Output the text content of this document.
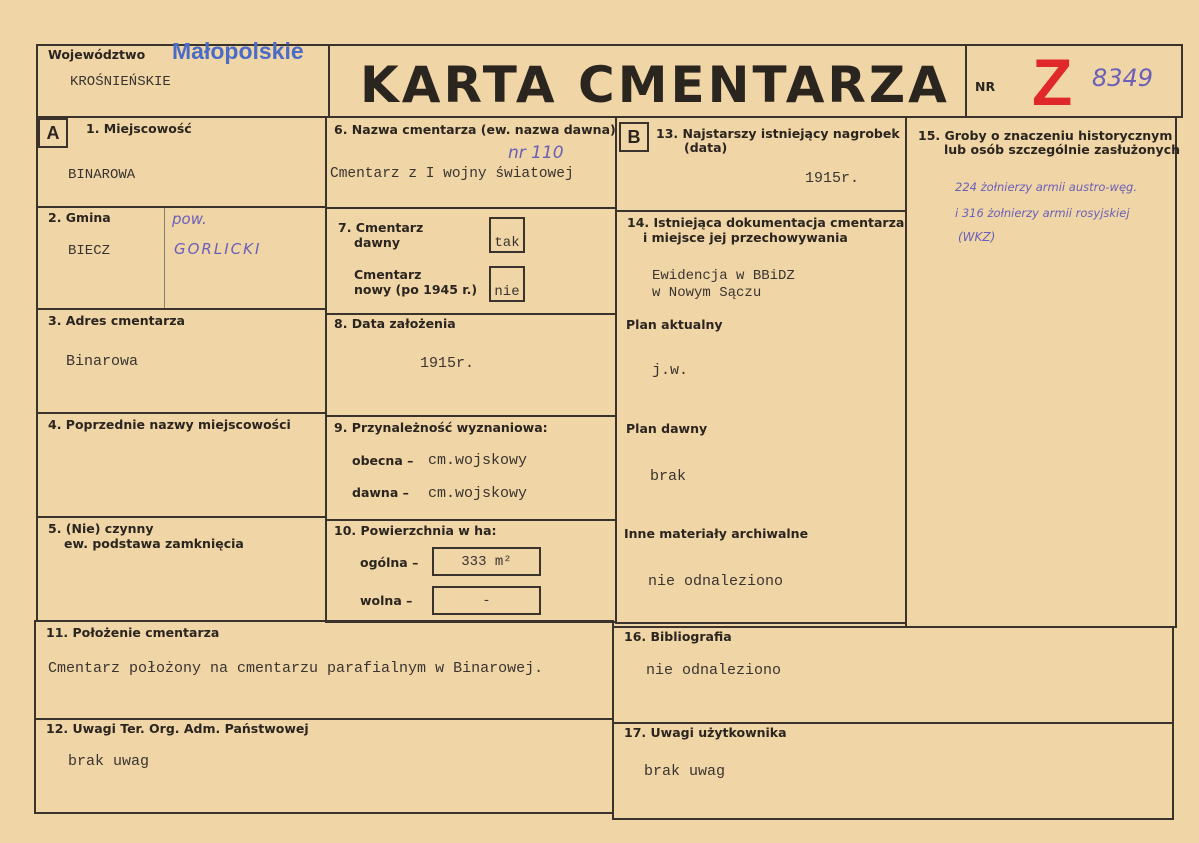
Województwo Małopolskie
KROŚNIEŃSKIE	KARTA CMENTARZA NR Z 8349
A	1. Miejscowość
BINAROWA
2. Gmina
BIECZ
pow.
GORLICKI
3. Adres cmentarza
Binarowa
4. Poprzednie nazwy miejscowości
5. (Nie) czynny
ew. podstawa zamknięcia
6. Nazwa cmentarza (ew. nazwa dawna)
nr 110
Cmentarz z I wojny światowej
7. Cmentarz
dawny	tak
Cmentarz
nowy (po 1945 r.)	nie
8. Data założenia
1915r.
9. Przynależność wyznaniowa:
obecna – cm.wojskowy
dawna – cm.wojskowy
10. Powierzchnia w ha:
ogólna –	333 m²
wolna –	-
B	13. Najstarszy istniejący nagrobek
(data)
1915r.
14. Istniejąca dokumentacja cmentarza
i miejsce jej przechowywania
Ewidencja w BBiDZ
w Nowym Sączu
Plan aktualny
j.w.
Plan dawny
brak
Inne materiały archiwalne
nie odnaleziono
15. Groby o znaczeniu historycznym
lub osób szczególnie zasłużonych
224 żołnierzy armii austro-węg.
i 316 żołnierzy armii rosyjskiej
(WKZ)
11. Położenie cmentarza
Cmentarz położony na cmentarzu parafialnym w Binarowej.
12. Uwagi Ter. Org. Adm. Państwowej
brak uwag
16. Bibliografia
nie odnaleziono
17. Uwagi użytkownika
brak uwag
